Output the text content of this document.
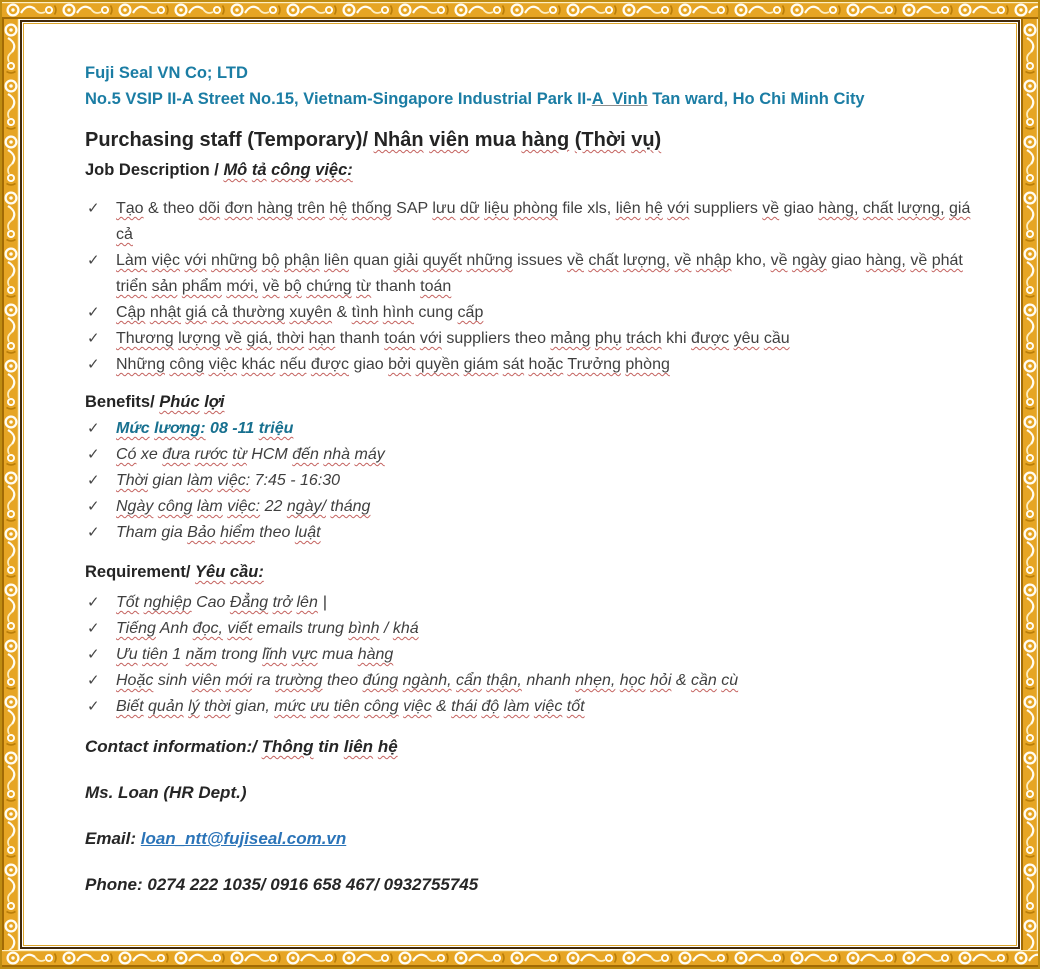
Fuji Seal VN Co; LTD
No.5 VSIP II-A Street No.15, Vietnam-Singapore Industrial Park II-A  Vinh Tan ward, Ho Chi Minh City
Purchasing staff (Temporary)/ Nhân viên mua hàng (Thời vụ)
Job Description / Mô tả công việc:
✓ Tạo & theo dõi đơn hàng trên hệ thống SAP lưu dữ liệu phòng file xls, liên hệ với suppliers về giao hàng, chất lượng, giá cả
✓ Làm việc với những bộ phận liên quan giải quyết những issues về chất lượng, về nhập kho, về ngày giao hàng, về phát triển sản phẩm mới, về bộ chứng từ thanh toán
✓ Cập nhật giá cả thường xuyên & tình hình cung cấp
✓ Thương lượng về giá, thời hạn thanh toán với suppliers theo mảng phụ trách khi được yêu cầu
✓ Những công việc khác nếu được giao bởi quyền giám sát hoặc Trưởng phòng
Benefits/ Phúc lợi
✓ Mức lương: 08 -11 triệu
✓ Có xe đưa rước từ HCM đến nhà máy
✓ Thời gian làm việc: 7:45 - 16:30
✓ Ngày công làm việc: 22 ngày/ tháng
✓ Tham gia Bảo hiểm theo luật
Requirement/ Yêu cầu:
✓ Tốt nghiệp Cao Đẳng trở lên |
✓ Tiếng Anh đọc, viết emails trung bình / khá
✓ Ưu tiên 1 năm trong lĩnh vực mua hàng
✓ Hoặc sinh viên mới ra trường theo đúng ngành, cẩn thận, nhanh nhẹn, học hỏi & cần cù
✓ Biết quản lý thời gian, mức ưu tiên công việc & thái độ làm việc tốt

Contact information:/ Thông tin liên hệ

Ms. Loan (HR Dept.)

Email: loan_ntt@fujiseal.com.vn

Phone: 0274 222 1035/ 0916 658 467/ 0932755745
